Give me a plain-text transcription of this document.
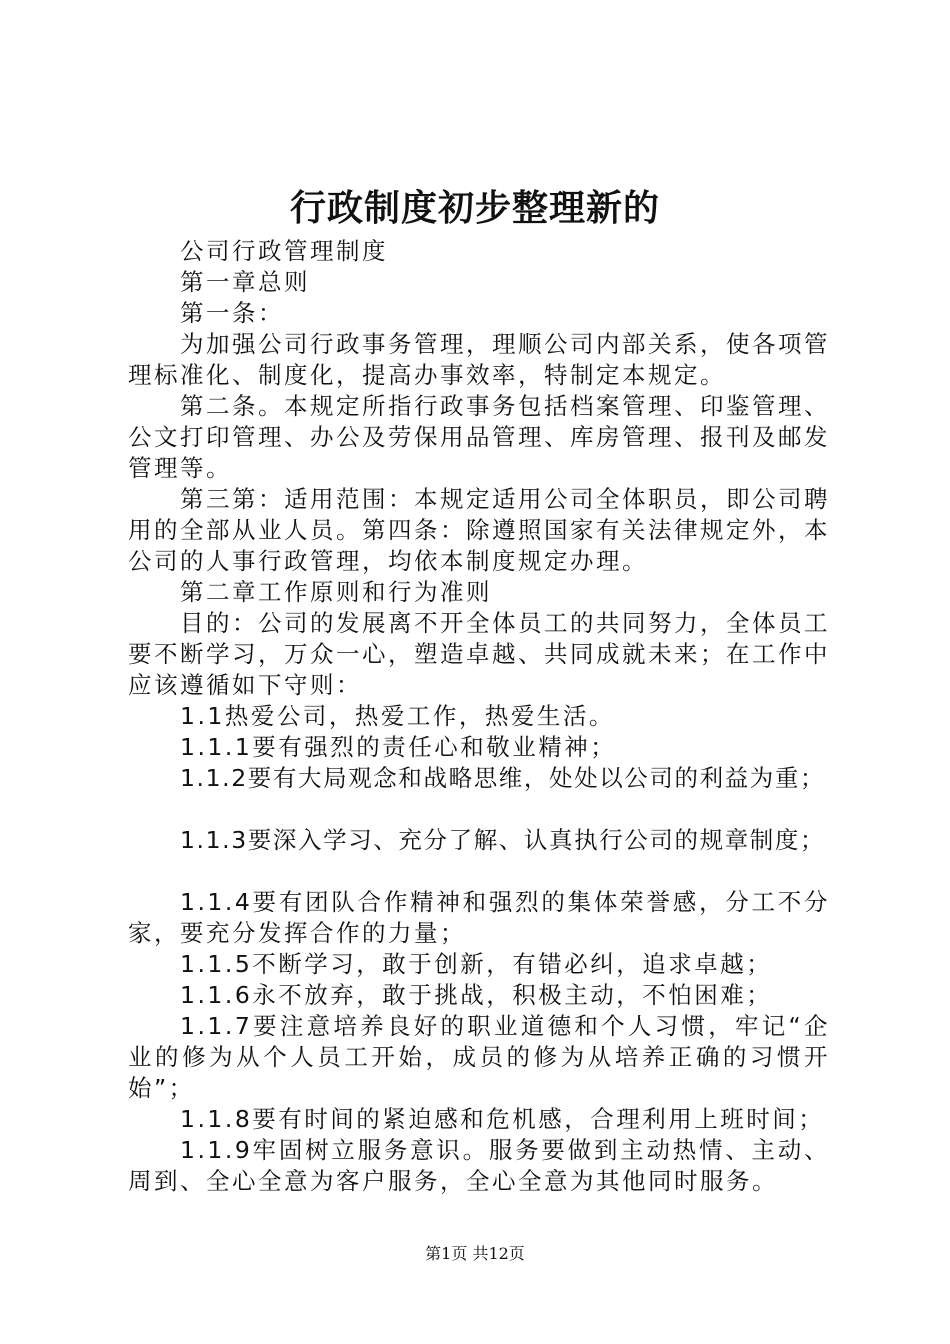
行政制度初步整理新的

公司行政管理制度

第一章总则

第一条：

为加强公司行政事务管理，理顺公司内部关系，使各项管理标准化、制度化，提高办事效率，特制定本规定。

第二条。本规定所指行政事务包括档案管理、印鉴管理、公文打印管理、办公及劳保用品管理、库房管理、报刊及邮发管理等。

第三第：适用范围：本规定适用公司全体职员，即公司聘用的全部从业人员。第四条：除遵照国家有关法律规定外，本公司的人事行政管理，均依本制度规定办理。

第二章工作原则和行为准则

目的：公司的发展离不开全体员工的共同努力，全体员工要不断学习，万众一心，塑造卓越、共同成就未来；在工作中应该遵循如下守则：

1.1热爱公司，热爱工作，热爱生活。

1.1.1要有强烈的责任心和敬业精神；

1.1.2要有大局观念和战略思维，处处以公司的利益为重；

1.1.3要深入学习、充分了解、认真执行公司的规章制度；

1.1.4要有团队合作精神和强烈的集体荣誉感，分工不分家，要充分发挥合作的力量；

1.1.5不断学习，敢于创新，有错必纠，追求卓越；

1.1.6永不放弃，敢于挑战，积极主动，不怕困难；

1.1.7要注意培养良好的职业道德和个人习惯，牢记“企业的修为从个人员工开始，成员的修为从培养正确的习惯开始”；

1.1.8要有时间的紧迫感和危机感，合理利用上班时间；

1.1.9牢固树立服务意识。服务要做到主动热情、主动、周到、全心全意为客户服务，全心全意为其他同时服务。

第1页 共12页
